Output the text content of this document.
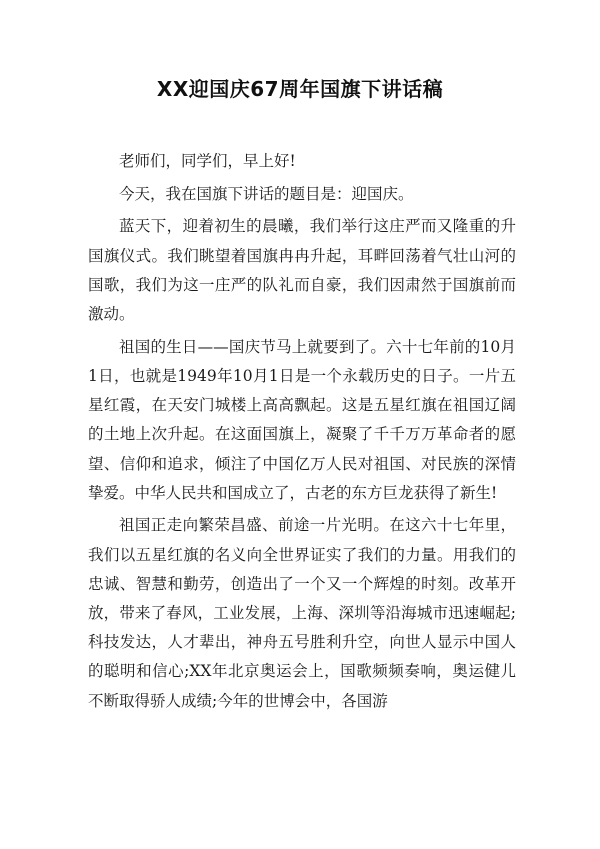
XX迎国庆67周年国旗下讲话稿

老师们，同学们，早上好!

今天，我在国旗下讲话的题目是：迎国庆。

蓝天下，迎着初生的晨曦，我们举行这庄严而又隆重的升国旗仪式。我们眺望着国旗冉冉升起，耳畔回荡着气壮山河的国歌，我们为这一庄严的队礼而自豪，我们因肃然于国旗前而激动。

祖国的生日——国庆节马上就要到了。六十七年前的10月1日，也就是1949年10月1日是一个永载历史的日子。一片五星红霞，在天安门城楼上高高飘起。这是五星红旗在祖国辽阔的土地上次升起。在这面国旗上，凝聚了千千万万革命者的愿望、信仰和追求，倾注了中国亿万人民对祖国、对民族的深情挚爱。中华人民共和国成立了，古老的东方巨龙获得了新生!

祖国正走向繁荣昌盛、前途一片光明。在这六十七年里，我们以五星红旗的名义向全世界证实了我们的力量。用我们的忠诚、智慧和勤劳，创造出了一个又一个辉煌的时刻。改革开放，带来了春风，工业发展，上海、深圳等沿海城市迅速崛起;科技发达，人才辈出，神舟五号胜利升空，向世人显示中国人的聪明和信心;XX年北京奥运会上，国歌频频奏响，奥运健儿不断取得骄人成绩;今年的世博会中，各国游
